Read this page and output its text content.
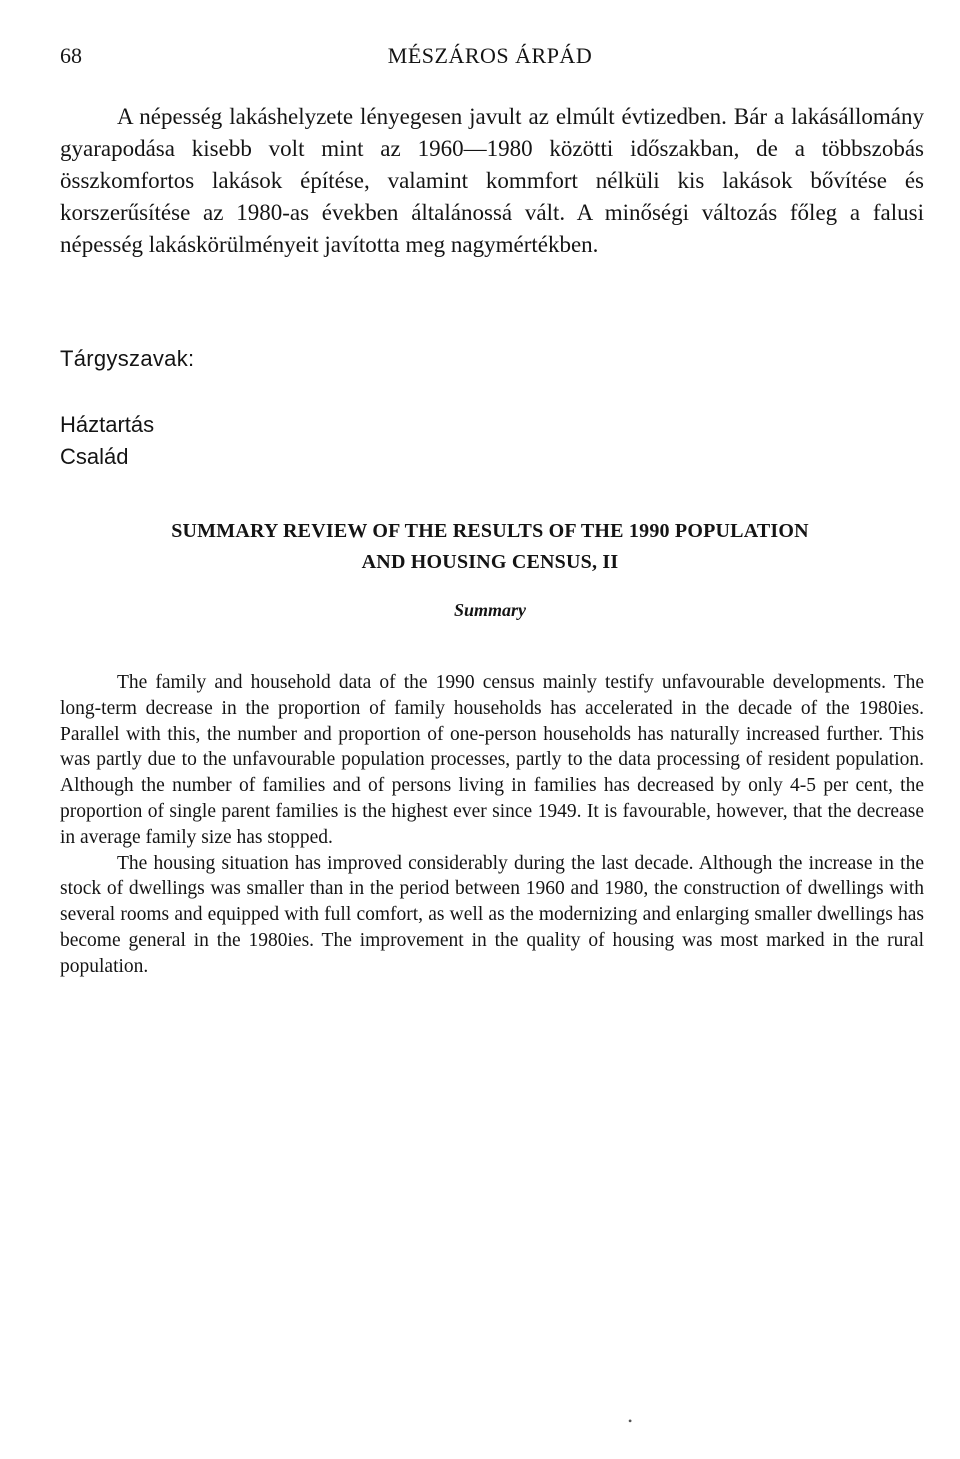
68	MÉSZÁROS ÁRPÁD

A népesség lakáshelyzete lényegesen javult az elmúlt évtizedben. Bár a lakásállomány gyarapodása kisebb volt mint az 1960—1980 közötti időszakban, de a többszobás összkomfortos lakások építése, valamint kommfort nélküli kis lakások bővítése és korszerűsítése az 1980-as években általánossá vált. A minőségi változás főleg a falusi népesség lakáskörülményeit javította meg nagymértékben.

Tárgyszavak:
Háztartás
Család
SUMMARY REVIEW OF THE RESULTS OF THE 1990 POPULATION
AND HOUSING CENSUS, II
Summary

The family and household data of the 1990 census mainly testify unfavourable developments. The long-term decrease in the proportion of family households has accelerated in the decade of the 1980ies. Parallel with this, the number and proportion of one-person households has naturally increased further. This was partly due to the unfavourable population processes, partly to the data processing of resident population. Although the number of families and of persons living in families has decreased by only 4-5 per cent, the proportion of single parent families is the highest ever since 1949. It is favourable, however, that the decrease in average family size has stopped.

The housing situation has improved considerably during the last decade. Although the increase in the stock of dwellings was smaller than in the period between 1960 and 1980, the construction of dwellings with several rooms and equipped with full comfort, as well as the modernizing and enlarging smaller dwellings has become general in the 1980ies. The improvement in the quality of housing was most marked in the rural population.

•
